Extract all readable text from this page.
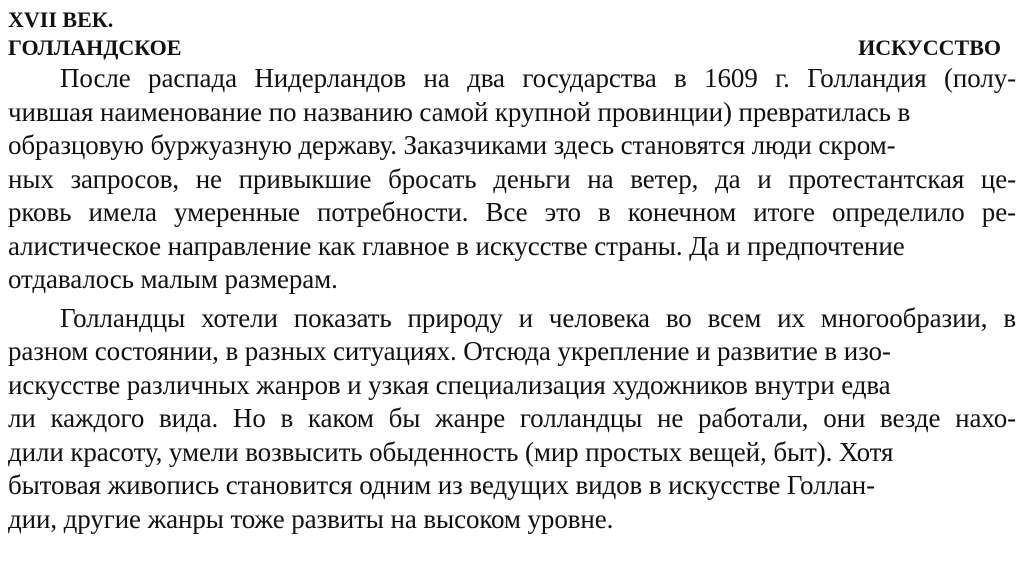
XVII ВЕК.
ГОЛЛАНДСКОЕ	ИСКУССТВО
После распада Нидерландов на два государства в 1609 г. Голландия (полу-
чившая наименование по названию самой крупной провинции) превратилась в
образцовую буржуазную державу. Заказчиками здесь становятся люди скром-
ных запросов, не привыкшие бросать деньги на ветер, да и протестантская це-
рковь имела умеренные потребности. Все это в конечном итоге определило ре-
алистическое направление как главное в искусстве страны. Да и предпочтение
отдавалось малым размерам.
Голландцы хотели показать природу и человека во всем их многообразии, в
разном состоянии, в разных ситуациях. Отсюда укрепление и развитие в изо-
искусстве различных жанров и узкая специализация художников внутри едва
ли каждого вида. Но в каком бы жанре голландцы не работали, они везде нахо-
дили красоту, умели возвысить обыденность (мир простых вещей, быт). Хотя
бытовая живопись становится одним из ведущих видов в искусстве Голлан-
дии, другие жанры тоже развиты на высоком уровне.
